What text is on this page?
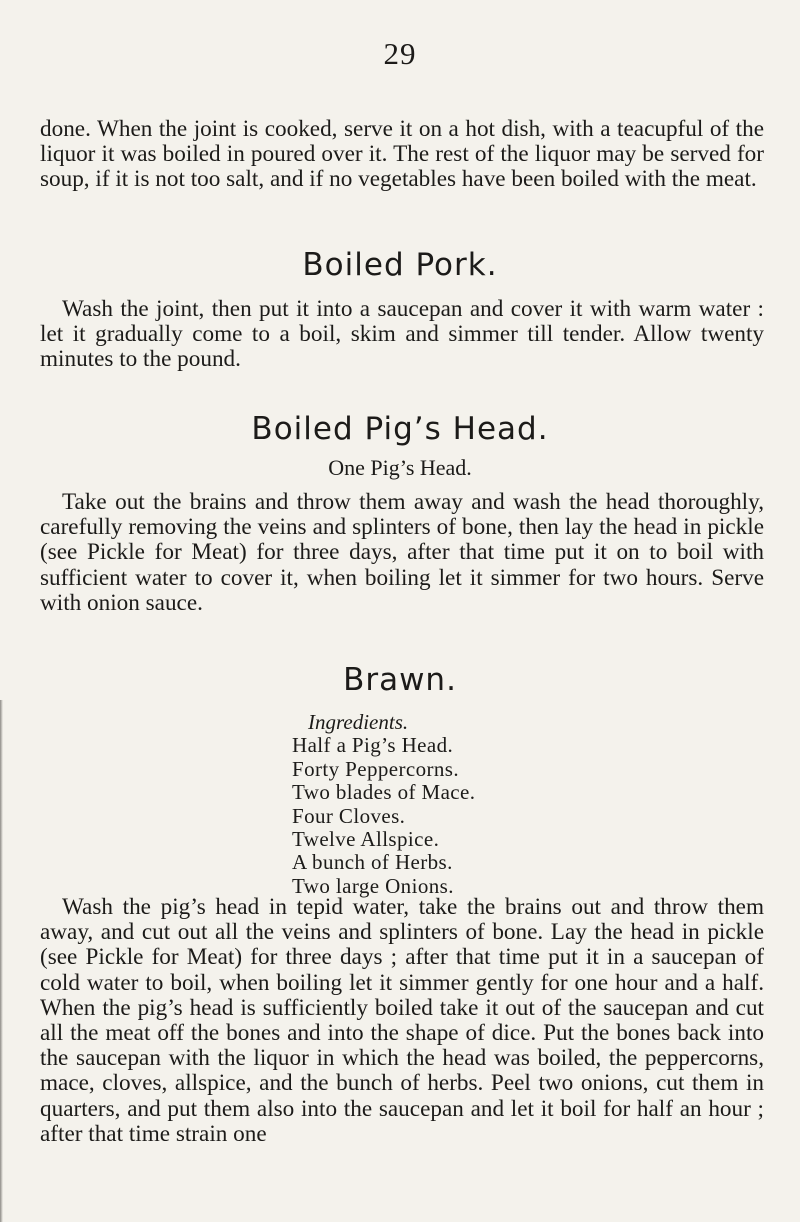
29

done. When the joint is cooked, serve it on a hot dish, with a teacupful of the liquor it was boiled in poured over it. The rest of the liquor may be served for soup, if it is not too salt, and if no vegetables have been boiled with the meat.

Boiled Pork.

Wash the joint, then put it into a saucepan and cover it with warm water : let it gradually come to a boil, skim and simmer till tender. Allow twenty minutes to the pound.

Boiled Pig’s Head.
One Pig’s Head.

Take out the brains and throw them away and wash the head thoroughly, carefully removing the veins and splinters of bone, then lay the head in pickle (see Pickle for Meat) for three days, after that time put it on to boil with sufficient water to cover it, when boiling let it simmer for two hours. Serve with onion sauce.

Brawn.
Ingredients.
Half a Pig’s Head.
Forty Peppercorns.
Two blades of Mace.
Four Cloves.
Twelve Allspice.
A bunch of Herbs.
Two large Onions.

Wash the pig’s head in tepid water, take the brains out and throw them away, and cut out all the veins and splinters of bone. Lay the head in pickle (see Pickle for Meat) for three days ; after that time put it in a saucepan of cold water to boil, when boiling let it simmer gently for one hour and a half. When the pig’s head is sufficiently boiled take it out of the saucepan and cut all the meat off the bones and into the shape of dice. Put the bones back into the saucepan with the liquor in which the head was boiled, the peppercorns, mace, cloves, allspice, and the bunch of herbs. Peel two onions, cut them in quarters, and put them also into the saucepan and let it boil for half an hour ; after that time strain one
